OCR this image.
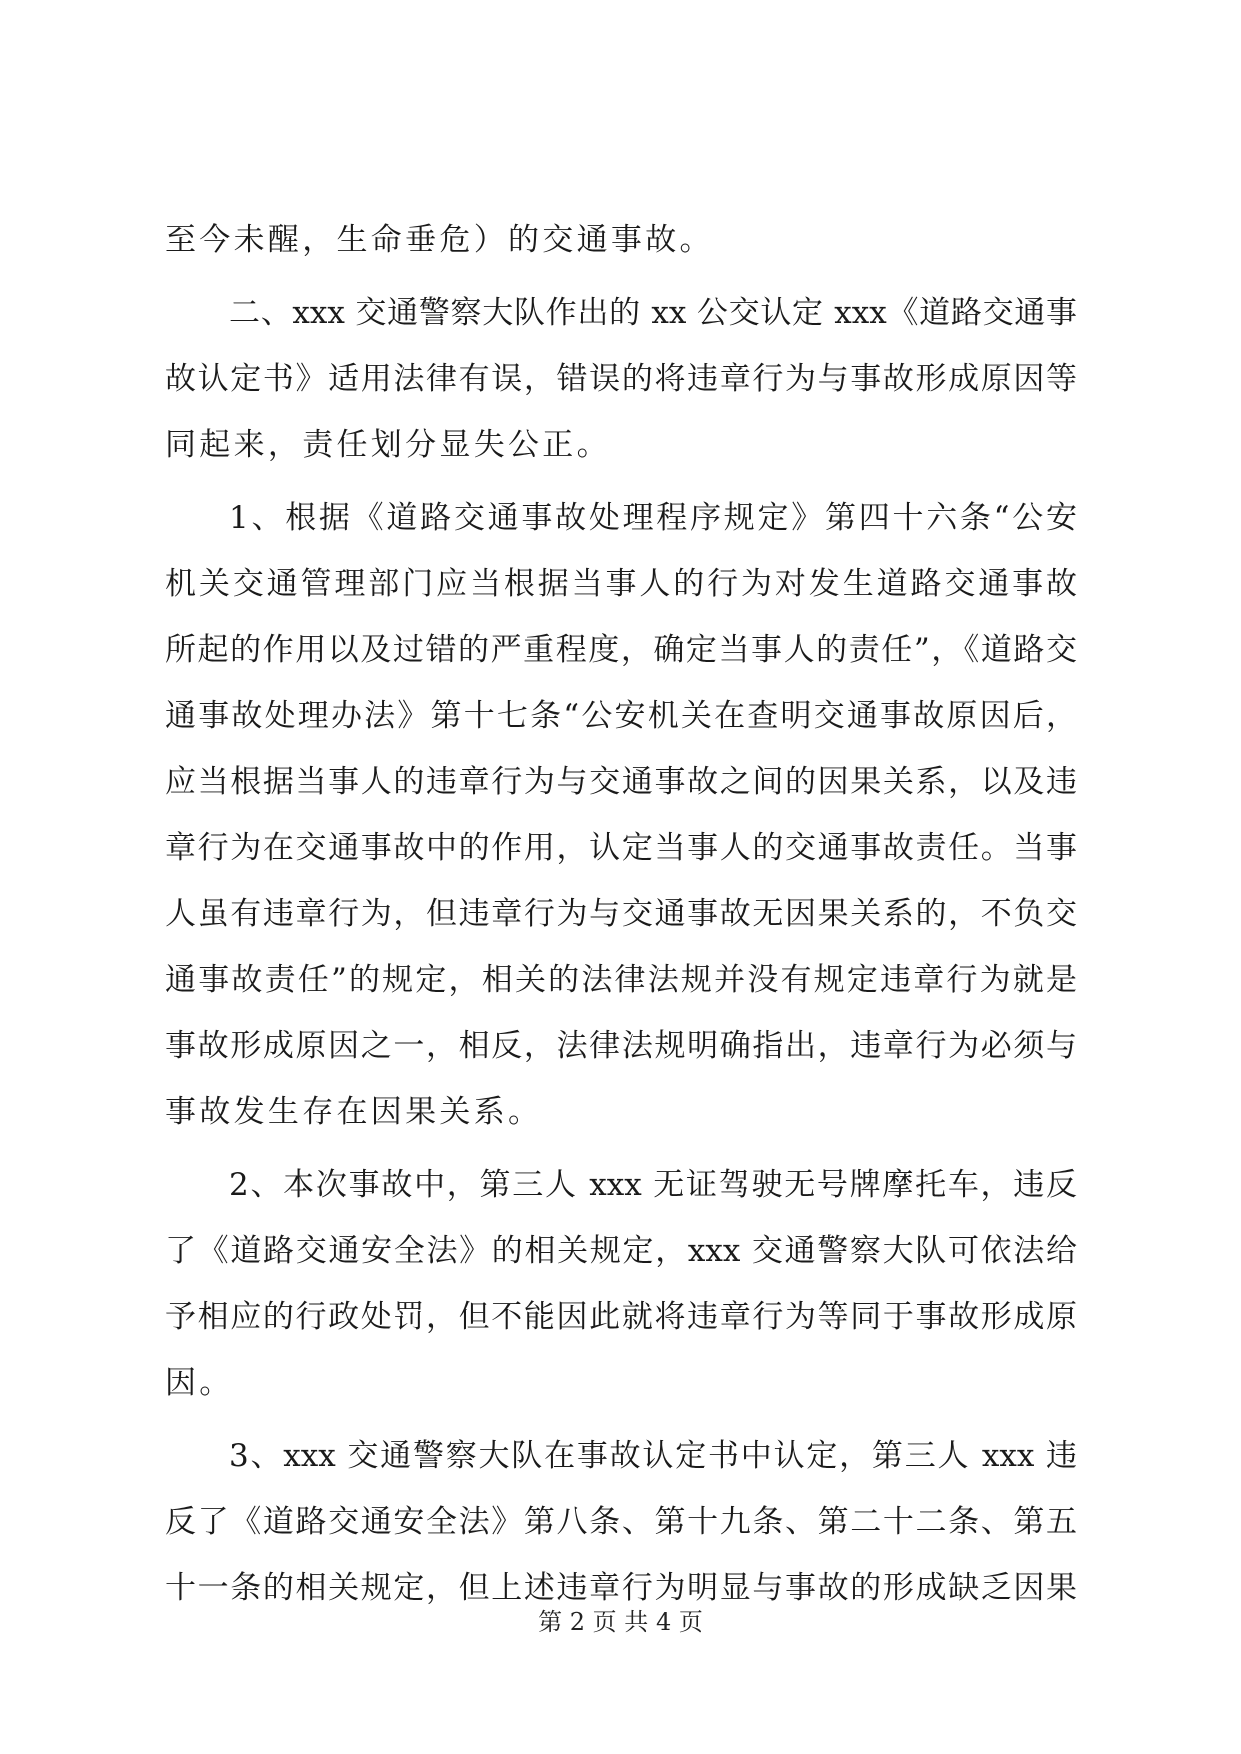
至今未醒，生命垂危）的交通事故。
二、xxx 交通警察大队作出的 xx 公交认定 xxx《道路交通事
故认定书》适用法律有误，错误的将违章行为与事故形成原因等
同起来，责任划分显失公正。
1、根据《道路交通事故处理程序规定》第四十六条“公安
机关交通管理部门应当根据当事人的行为对发生道路交通事故
所起的作用以及过错的严重程度，确定当事人的责任”，《道路交
通事故处理办法》第十七条“公安机关在查明交通事故原因后，
应当根据当事人的违章行为与交通事故之间的因果关系，以及违
章行为在交通事故中的作用，认定当事人的交通事故责任。当事
人虽有违章行为，但违章行为与交通事故无因果关系的，不负交
通事故责任”的规定，相关的法律法规并没有规定违章行为就是
事故形成原因之一，相反，法律法规明确指出，违章行为必须与
事故发生存在因果关系。
2、本次事故中，第三人 xxx 无证驾驶无号牌摩托车，违反
了《道路交通安全法》的相关规定，xxx 交通警察大队可依法给
予相应的行政处罚，但不能因此就将违章行为等同于事故形成原
因。
3、xxx 交通警察大队在事故认定书中认定，第三人 xxx 违
反了《道路交通安全法》第八条、第十九条、第二十二条、第五
十一条的相关规定，但上述违章行为明显与事故的形成缺乏因果
第 2 页 共 4 页
